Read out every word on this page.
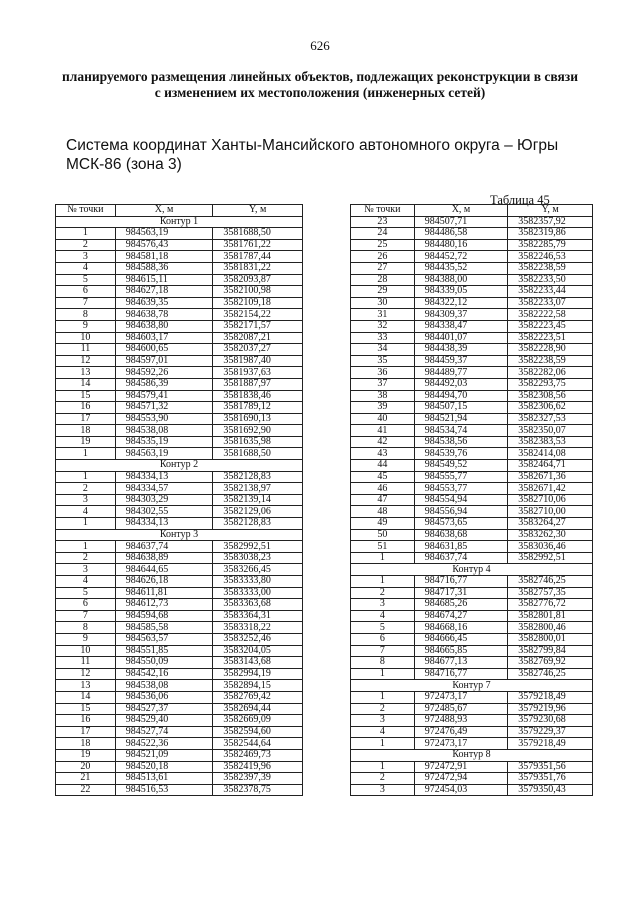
626
планируемого размещения линейных объектов, подлежащих реконструкции в связи с изменением их местоположения (инженерных сетей)
Система координат Ханты-Мансийского автономного округа – Югры МСК-86 (зона 3)
Таблица 45
№ точки	X, м	Y, м
Контур 1		
1	984563,19	3581688,50
2	984576,43	3581761,22
3	984581,18	3581787,44
4	984588,36	3581831,22
5	984615,11	3582093,87
6	984627,18	3582100,98
7	984639,35	3582109,18
8	984638,78	3582154,22
9	984638,80	3582171,57
10	984603,17	3582087,21
11	984600,65	3582037,27
12	984597,01	3581987,40
13	984592,26	3581937,63
14	984586,39	3581887,97
15	984579,41	3581838,46
16	984571,32	3581789,12
17	984553,90	3581690,13
18	984538,08	3581692,90
19	984535,19	3581635,98
1	984563,19	3581688,50
Контур 2		
1	984334,13	3582128,83
2	984334,57	3582138,97
3	984303,29	3582139,14
4	984302,55	3582129,06
1	984334,13	3582128,83
Контур 3		
1	984637,74	3582992,51
2	984638,89	3583038,23
3	984644,65	3583266,45
4	984626,18	3583333,80
5	984611,81	3583333,00
6	984612,73	3583363,68
7	984594,68	3583364,31
8	984585,58	3583318,22
9	984563,57	3583252,46
10	984551,85	3583204,05
11	984550,09	3583143,68
12	984542,16	3582994,19
13	984538,08	3582894,15
14	984536,06	3582769,42
15	984527,37	3582694,44
16	984529,40	3582669,09
17	984527,74	3582594,60
18	984522,36	3582544,64
19	984521,09	3582469,73
20	984520,18	3582419,96
21	984513,61	3582397,39
22	984516,53	3582378,75
№ точки	X, м	Y, м
23	984507,71	3582357,92
24	984486,58	3582319,86
25	984480,16	3582285,79
26	984452,72	3582246,53
27	984435,52	3582238,59
28	984388,00	3582233,50
29	984339,05	3582233,44
30	984322,12	3582233,07
31	984309,37	3582222,58
32	984338,47	3582223,45
33	984401,07	3582223,51
34	984438,39	3582228,90
35	984459,37	3582238,59
36	984489,77	3582282,06
37	984492,03	3582293,75
38	984494,70	3582308,56
39	984507,15	3582306,62
40	984521,94	3582327,53
41	984534,74	3582350,07
42	984538,56	3582383,53
43	984539,76	3582414,08
44	984549,52	3582464,71
45	984555,77	3582671,36
46	984553,77	3582671,42
47	984554,94	3582710,06
48	984556,94	3582710,00
49	984573,65	3583264,27
50	984638,68	3583262,30
51	984631,85	3583036,46
1	984637,74	3582992,51
Контур 4		
1	984716,77	3582746,25
2	984717,31	3582757,35
3	984685,26	3582776,72
4	984674,27	3582801,81
5	984668,16	3582800,46
6	984666,45	3582800,01
7	984665,85	3582799,84
8	984677,13	3582769,92
1	984716,77	3582746,25
Контур 7		
1	972473,17	3579218,49
2	972485,67	3579219,96
3	972488,93	3579230,68
4	972476,49	3579229,37
1	972473,17	3579218,49
Контур 8		
1	972472,91	3579351,56
2	972472,94	3579351,76
3	972454,03	3579350,43
